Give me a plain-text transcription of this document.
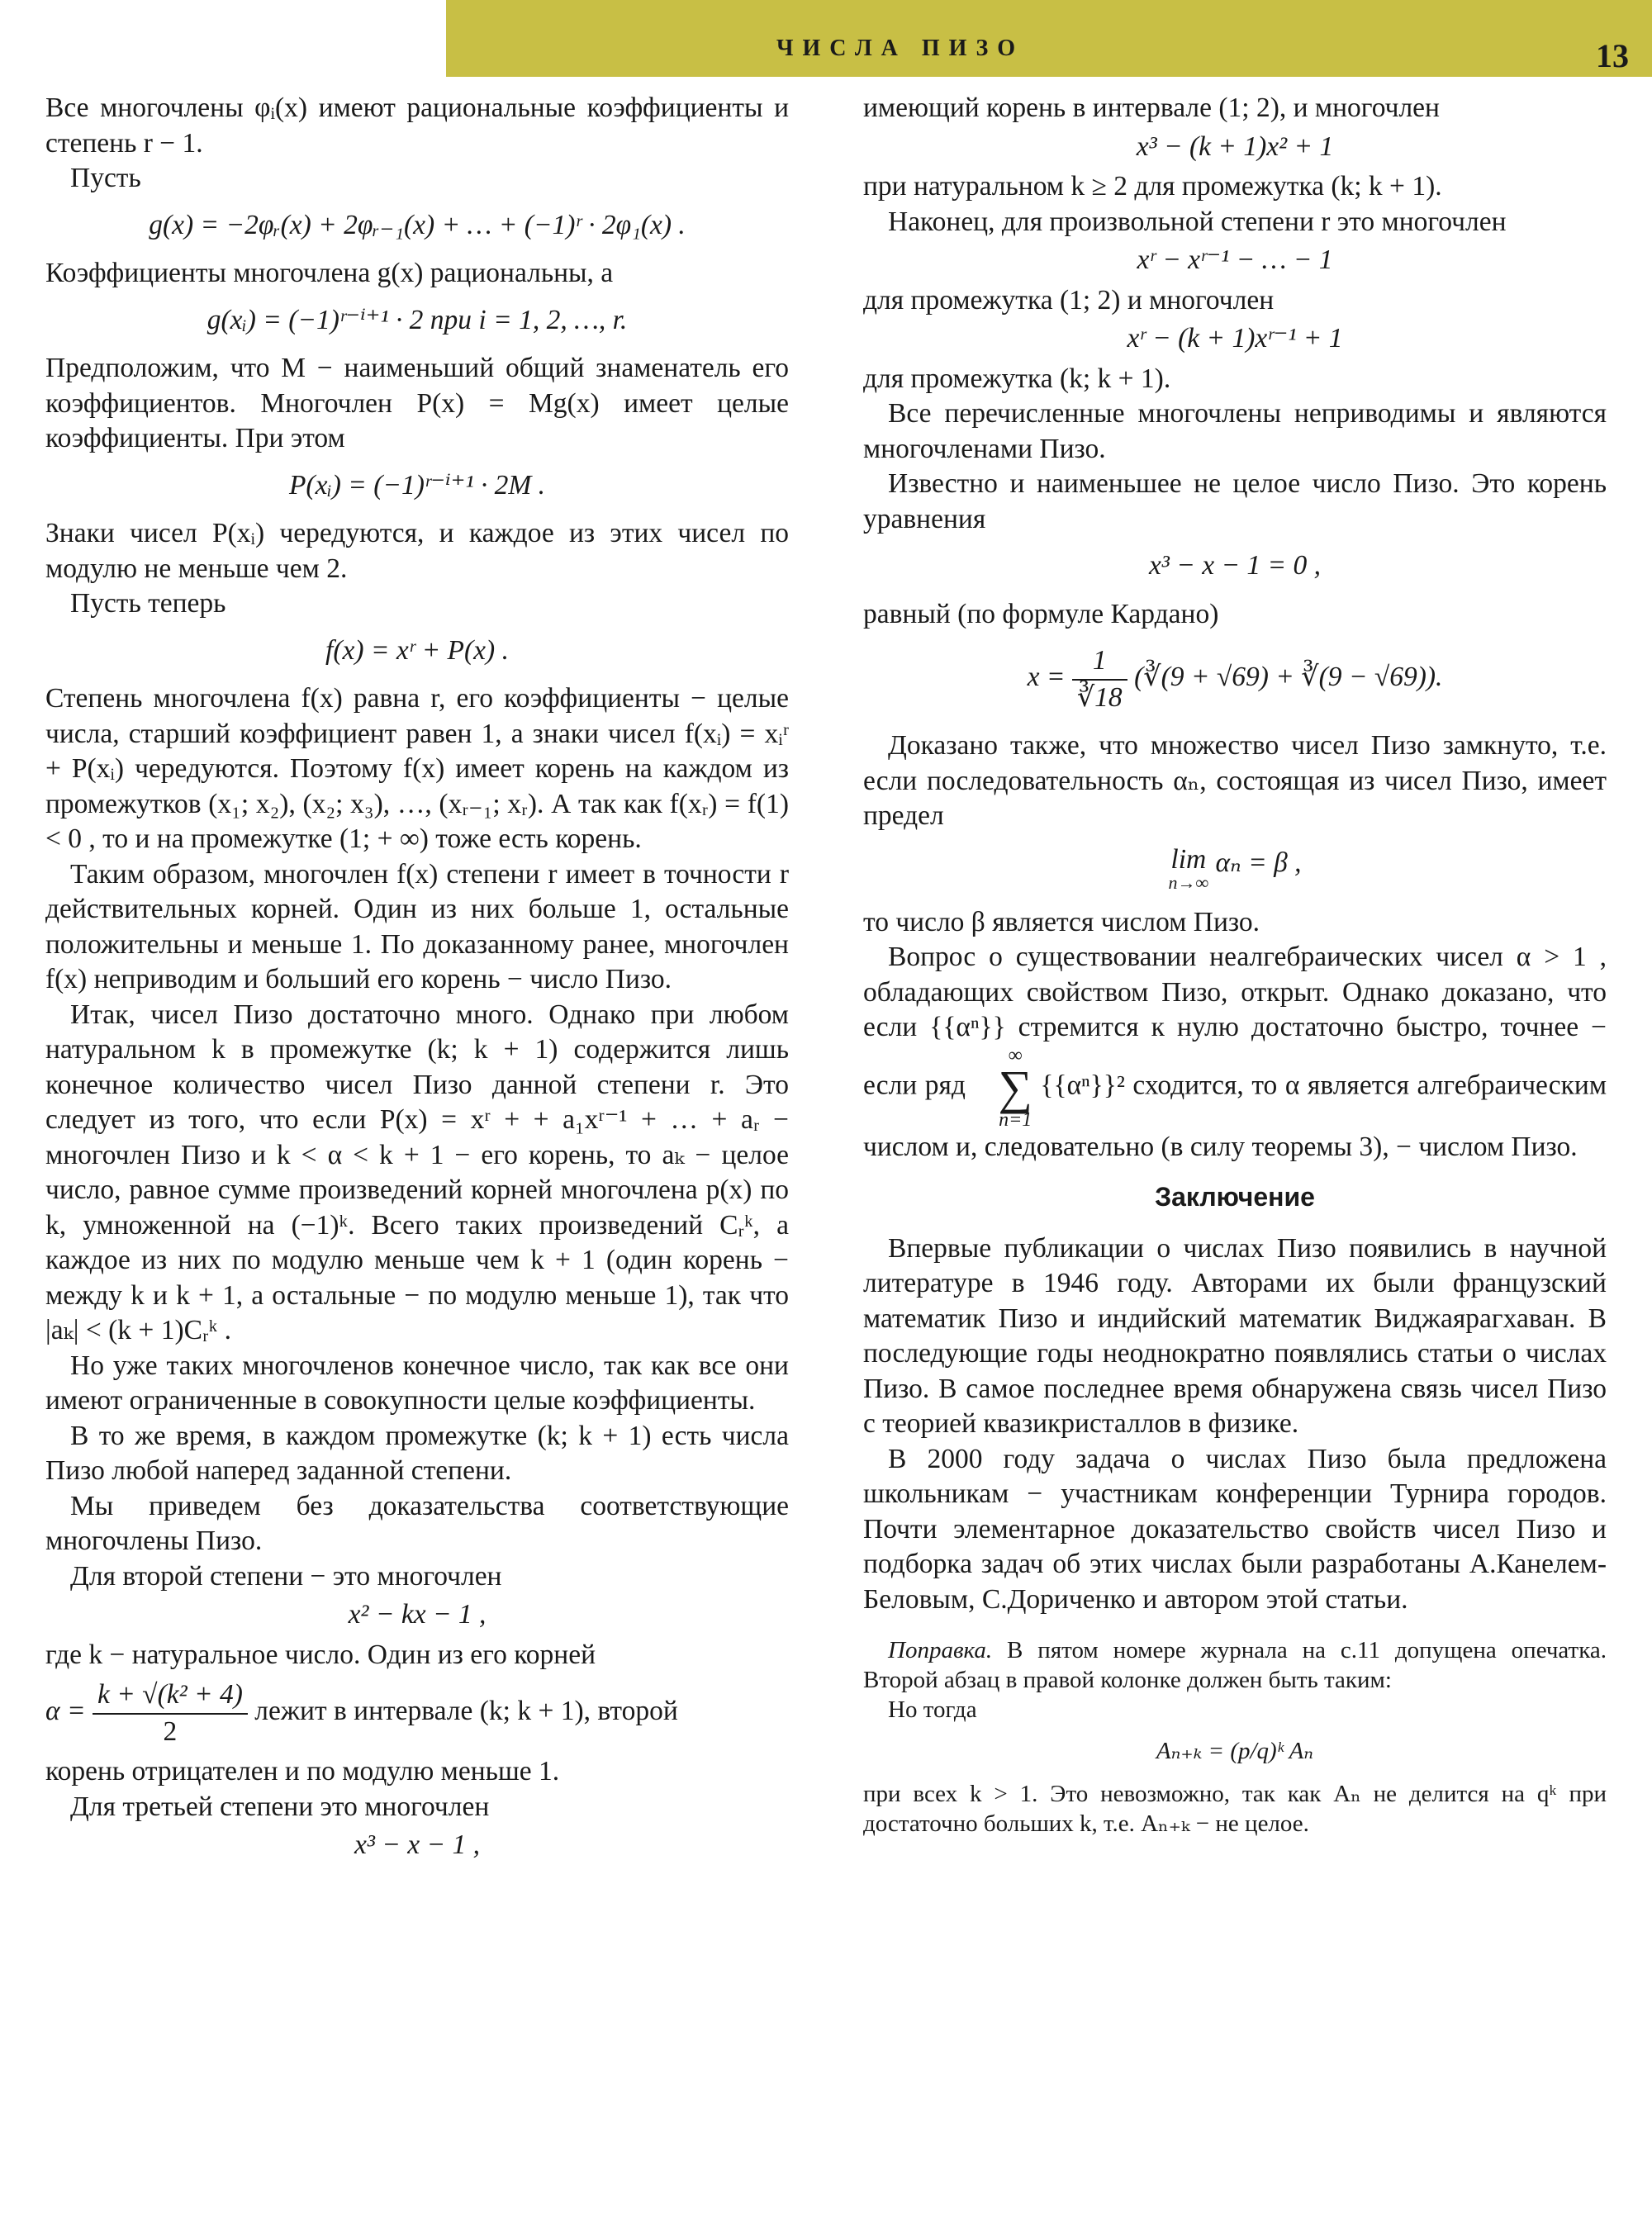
ЧИСЛА ПИЗО	13

Все многочлены φᵢ(x) имеют рациональные коэффициенты и степень r − 1.

Пусть

g(x) = −2φᵣ(x) + 2φᵣ₋₁(x) + … + (−1)ʳ · 2φ₁(x) .

Коэффициенты многочлена g(x) рациональны, а

g(xᵢ) = (−1)ʳ⁻ⁱ⁺¹ · 2 при i = 1, 2, …, r.

Предположим, что M − наименьший общий знаменатель его коэффициентов. Многочлен P(x) = Mg(x) имеет целые коэффициенты. При этом

P(xᵢ) = (−1)ʳ⁻ⁱ⁺¹ · 2M .

Знаки чисел P(xᵢ) чередуются, и каждое из этих чисел по модулю не меньше чем 2.

Пусть теперь

f(x) = xʳ + P(x) .

Степень многочлена f(x) равна r, его коэффициенты − целые числа, старший коэффициент равен 1, а знаки чисел f(xᵢ) = xᵢʳ + P(xᵢ) чередуются. Поэтому f(x) имеет корень на каждом из промежутков (x₁; x₂), (x₂; x₃), …, (xᵣ₋₁; xᵣ). А так как f(xᵣ) = f(1) < 0 , то и на промежутке (1; + ∞) тоже есть корень.

Таким образом, многочлен f(x) степени r имеет в точности r действительных корней. Один из них больше 1, остальные положительны и меньше 1. По доказанному ранее, многочлен f(x) неприводим и больший его корень − число Пизо.

Итак, чисел Пизо достаточно много. Однако при любом натуральном k в промежутке (k; k + 1) содержится лишь конечное количество чисел Пизо данной степени r. Это следует из того, что если P(x) = xʳ + + a₁xʳ⁻¹ + … + aᵣ − многочлен Пизо и k < α < k + 1 − его корень, то aₖ − целое число, равное сумме произведений корней многочлена p(x) по k, умноженной на (−1)ᵏ. Всего таких произведений Cᵣᵏ, а каждое из них по модулю меньше чем k + 1 (один корень − между k и k + 1, а остальные − по модулю меньше 1), так что |aₖ| < (k + 1)Cᵣᵏ .

Но уже таких многочленов конечное число, так как все они имеют ограниченные в совокупности целые коэффициенты.

В то же время, в каждом промежутке (k; k + 1) есть числа Пизо любой наперед заданной степени.

Мы приведем без доказательства соответствующие многочлены Пизо.

Для второй степени − это многочлен

x² − kx − 1 ,

где k − натуральное число. Один из его корней

$\alpha = \frac{\text{k + √(k² + 4)}}{2}$ лежит в интервале (k; k + 1), второй

корень отрицателен и по модулю меньше 1.

Для третьей степени это многочлен

x³ − x − 1 ,

имеющий корень в интервале (1; 2), и многочлен

x³ − (k + 1)x² + 1

при натуральном k ≥ 2 для промежутка (k; k + 1).

Наконец, для произвольной степени r это многочлен

xʳ − xʳ⁻¹ − … − 1

для промежутка (1; 2) и многочлен

xʳ − (k + 1)xʳ⁻¹ + 1

для промежутка (k; k + 1).

Все перечисленные многочлены неприводимы и являются многочленами Пизо.

Известно и наименьшее не целое число Пизо. Это корень уравнения

x³ − x − 1 = 0 ,

равный (по формуле Кардано)

$x = \frac{1}{∛18}$ (∛(9 + √69) + ∛(9 − √69)).

Доказано также, что множество чисел Пизо замкнуто, т.е. если последовательность αₙ, состоящая из чисел Пизо, имеет предел

lim
n→∞
αₙ = β ,

то число β является числом Пизо.

Вопрос о существовании неалгебраических чисел α > 1 , обладающих свойством Пизо, открыт. Однако доказано, что если {{αⁿ}} стремится к нулю достаточно быстро, точнее − если ряд
∞
∑
n=1
{{αⁿ}}² сходится, то α является алгебраическим числом и, следовательно (в силу теоремы 3), − числом Пизо.

Заключение

Впервые публикации о числах Пизо появились в научной литературе в 1946 году. Авторами их были французский математик Пизо и индийский математик Виджаярагхаван. В последующие годы неоднократно появлялись статьи о числах Пизо. В самое последнее время обнаружена связь чисел Пизо с теорией квазикристаллов в физике.

В 2000 году задача о числах Пизо была предложена школьникам − участникам конференции Турнира городов. Почти элементарное доказательство свойств чисел Пизо и подборка задач об этих числах были разработаны А.Канелем-Беловым, С.Дориченко и автором этой статьи.

Поправка. В пятом номере журнала на с.11 допущена опечатка. Второй абзац в правой колонке должен быть таким:

Но тогда

Aₙ₊ₖ = (p/q)ᵏ Aₙ

при всех k > 1. Это невозможно, так как Aₙ не делится на qᵏ при достаточно больших k, т.е. Aₙ₊ₖ − не целое.
